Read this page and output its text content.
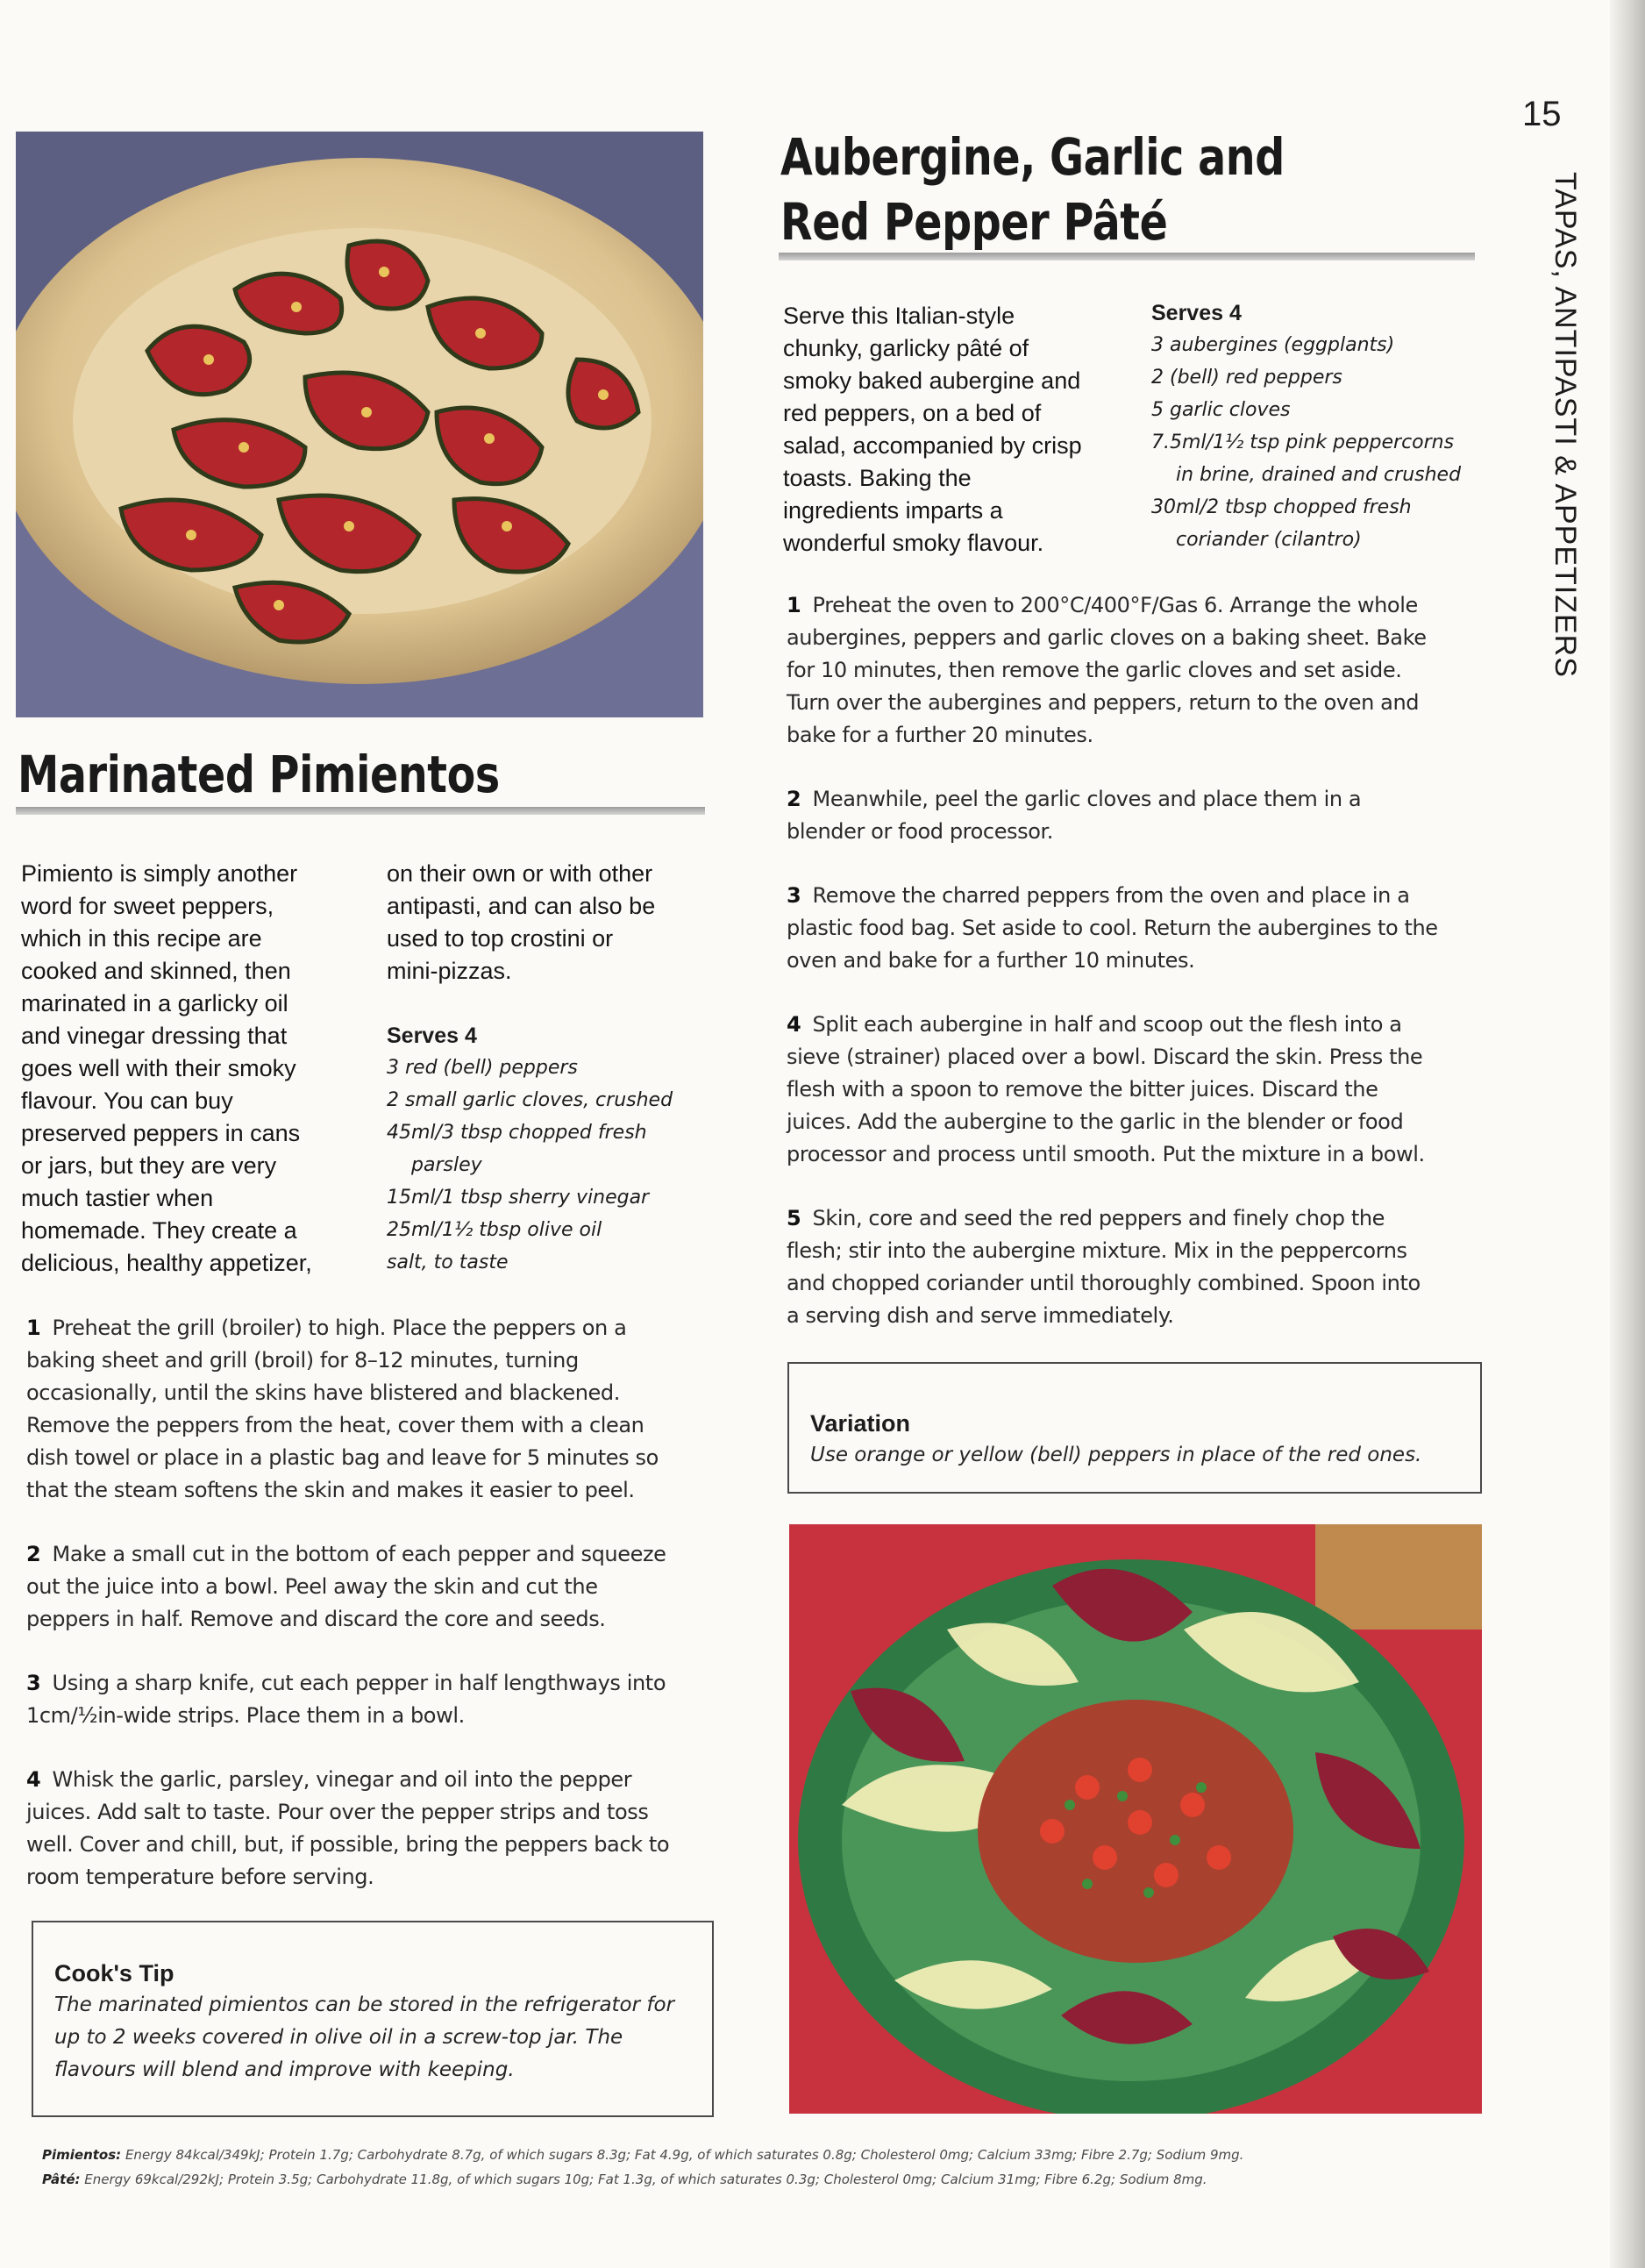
15
TAPAS, ANTIPASTI & APPETIZERS
Aubergine, Garlic and
Red Pepper Pâté
Serve this Italian-style
chunky, garlicky pâté of
smoky baked aubergine and
red peppers, on a bed of
salad, accompanied by crisp
toasts. Baking the
ingredients imparts a
wonderful smoky flavour.
Serves 4
3 aubergines (eggplants)
2 (bell) red peppers
5 garlic cloves
7.5ml/1½ tsp pink peppercorns
in brine, drained and crushed
30ml/2 tbsp chopped fresh
coriander (cilantro)
1 Preheat the oven to 200°C/400°F/Gas 6. Arrange the whole
aubergines, peppers and garlic cloves on a baking sheet. Bake
for 10 minutes, then remove the garlic cloves and set aside.
Turn over the aubergines and peppers, return to the oven and
bake for a further 20 minutes.
2 Meanwhile, peel the garlic cloves and place them in a
blender or food processor.
3 Remove the charred peppers from the oven and place in a
plastic food bag. Set aside to cool. Return the aubergines to the
oven and bake for a further 10 minutes.
4 Split each aubergine in half and scoop out the flesh into a
sieve (strainer) placed over a bowl. Discard the skin. Press the
flesh with a spoon to remove the bitter juices. Discard the
juices. Add the aubergine to the garlic in the blender or food
processor and process until smooth. Put the mixture in a bowl.
5 Skin, core and seed the red peppers and finely chop the
flesh; stir into the aubergine mixture. Mix in the peppercorns
and chopped coriander until thoroughly combined. Spoon into
a serving dish and serve immediately.
Variation
Use orange or yellow (bell) peppers in place of the red ones.
Marinated Pimientos
Pimiento is simply another
word for sweet peppers,
which in this recipe are
cooked and skinned, then
marinated in a garlicky oil
and vinegar dressing that
goes well with their smoky
flavour. You can buy
preserved peppers in cans
or jars, but they are very
much tastier when
homemade. They create a
delicious, healthy appetizer,
on their own or with other
antipasti, and can also be
used to top crostini or
mini-pizzas.
Serves 4
3 red (bell) peppers
2 small garlic cloves, crushed
45ml/3 tbsp chopped fresh
parsley
15ml/1 tbsp sherry vinegar
25ml/1½ tbsp olive oil
salt, to taste
1 Preheat the grill (broiler) to high. Place the peppers on a
baking sheet and grill (broil) for 8–12 minutes, turning
occasionally, until the skins have blistered and blackened.
Remove the peppers from the heat, cover them with a clean
dish towel or place in a plastic bag and leave for 5 minutes so
that the steam softens the skin and makes it easier to peel.
2 Make a small cut in the bottom of each pepper and squeeze
out the juice into a bowl. Peel away the skin and cut the
peppers in half. Remove and discard the core and seeds.
3 Using a sharp knife, cut each pepper in half lengthways into
1cm/½in-wide strips. Place them in a bowl.
4 Whisk the garlic, parsley, vinegar and oil into the pepper
juices. Add salt to taste. Pour over the pepper strips and toss
well. Cover and chill, but, if possible, bring the peppers back to
room temperature before serving.
Cook's Tip
The marinated pimientos can be stored in the refrigerator for
up to 2 weeks covered in olive oil in a screw-top jar. The
flavours will blend and improve with keeping.
Pimientos: Energy 84kcal/349kJ; Protein 1.7g; Carbohydrate 8.7g, of which sugars 8.3g; Fat 4.9g, of which saturates 0.8g; Cholesterol 0mg; Calcium 33mg; Fibre 2.7g; Sodium 9mg.
Pâté: Energy 69kcal/292kJ; Protein 3.5g; Carbohydrate 11.8g, of which sugars 10g; Fat 1.3g, of which saturates 0.3g; Cholesterol 0mg; Calcium 31mg; Fibre 6.2g; Sodium 8mg.
